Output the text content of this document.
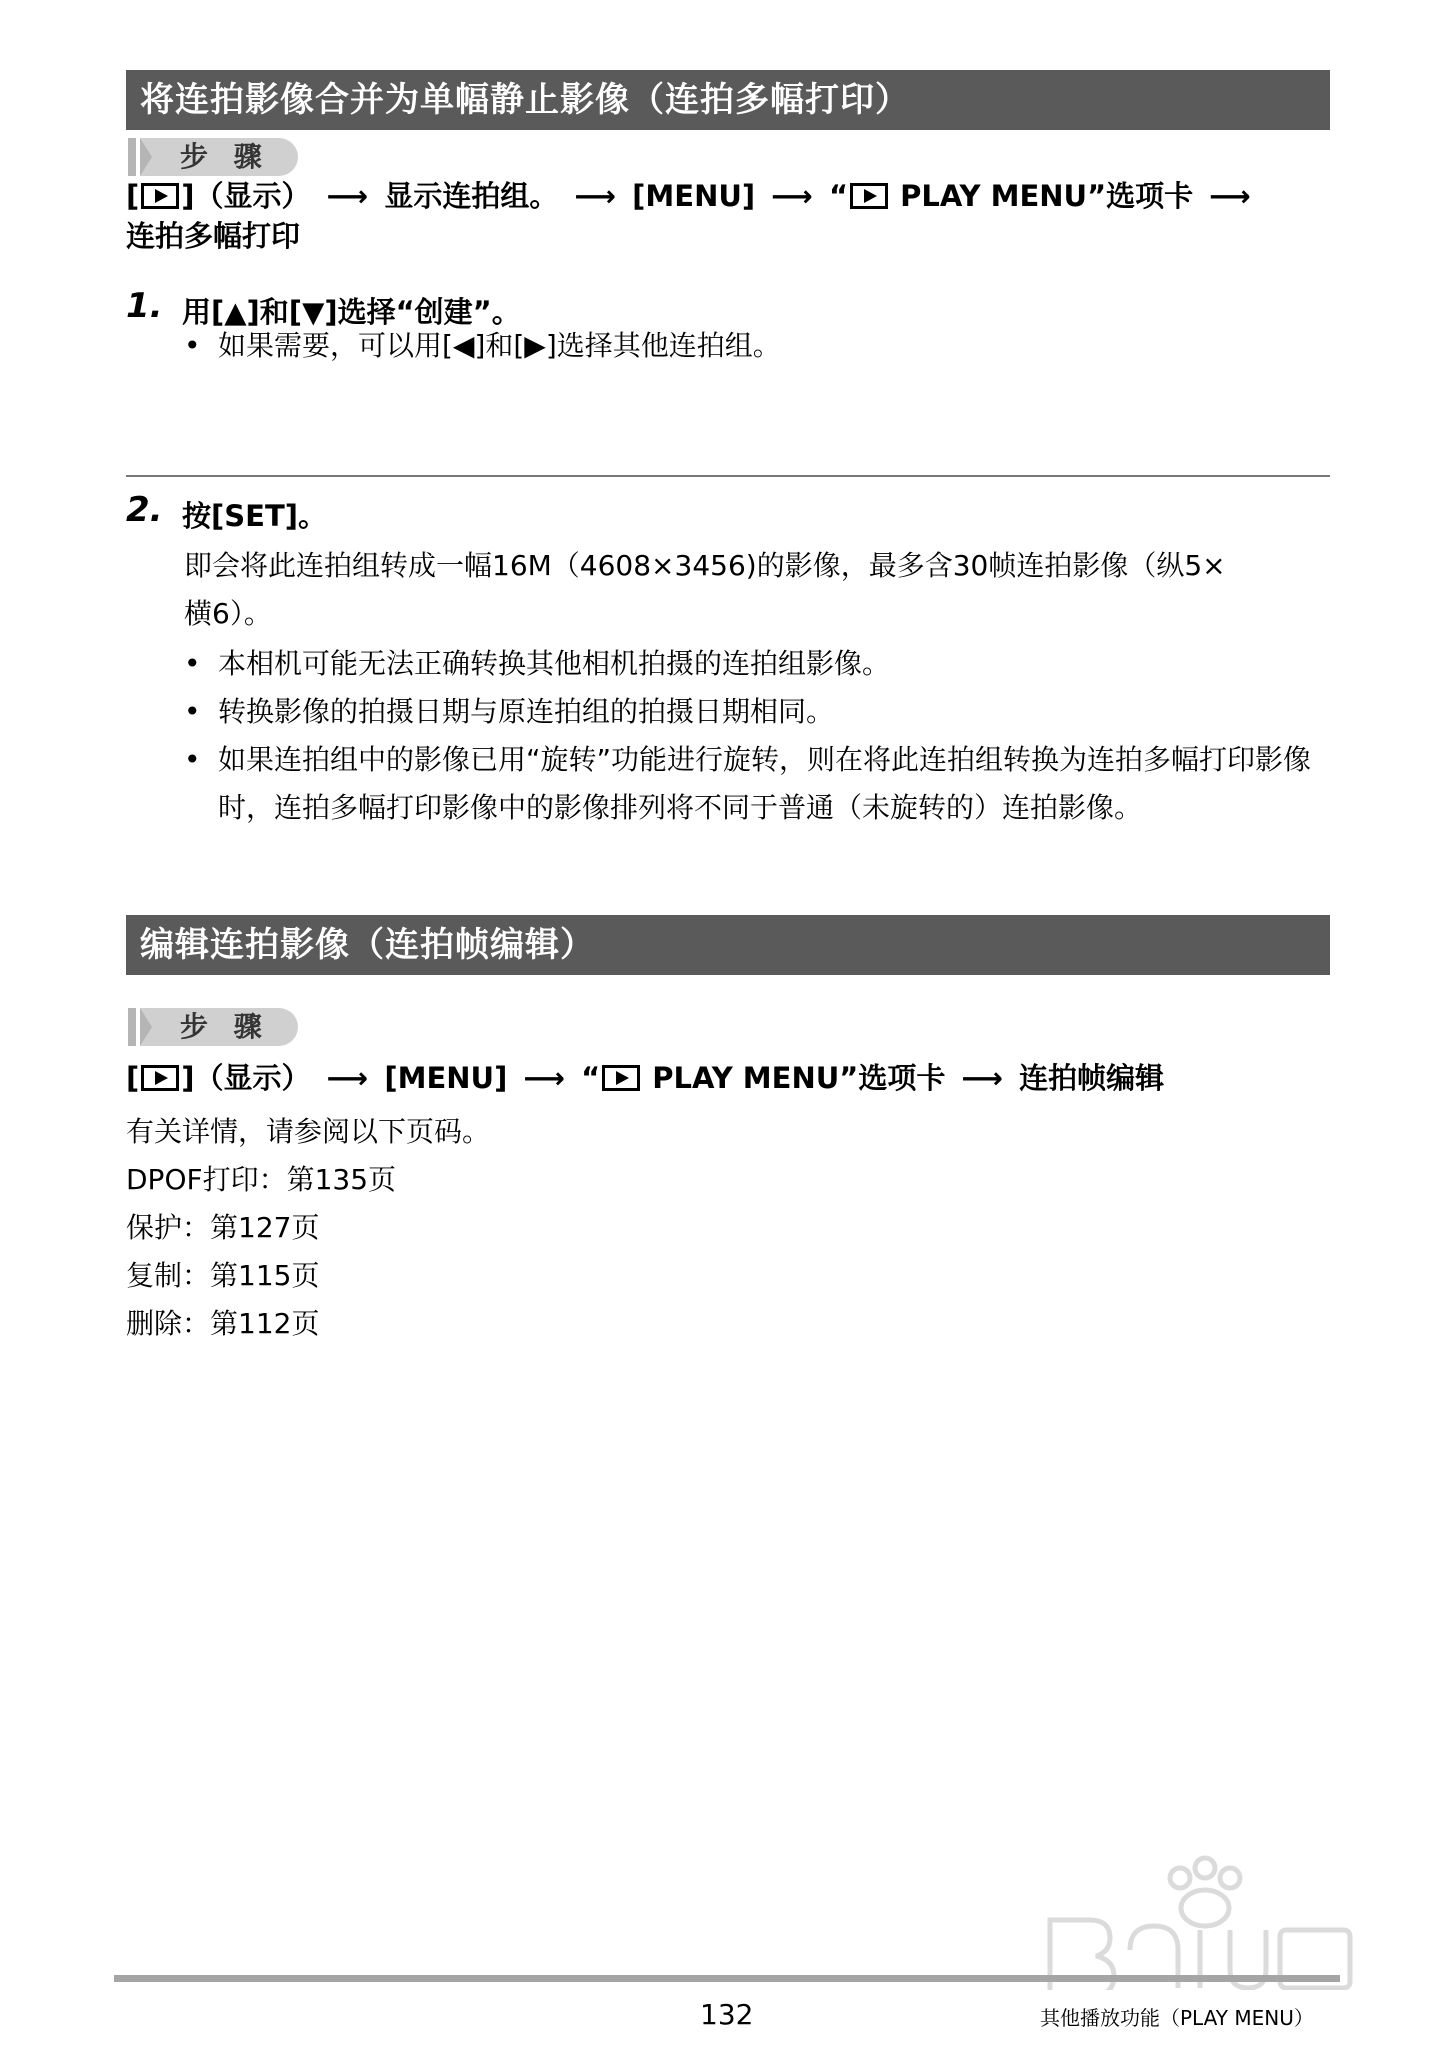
将连拍影像合并为单幅静止影像（连拍多幅打印）
步 骤
[ ]（显示） ⟶ 显示连拍组。 ⟶ [MENU] ⟶ “ PLAY MENU”选项卡 ⟶
连拍多幅打印
1. 用[▲]和[▼]选择“创建”。
• 如果需要，可以用[◀]和[▶]选择其他连拍组。
2. 按[SET]。
即会将此连拍组转成一幅16M（4608×3456)的影像，最多含30帧连拍影像（纵5×
横6）。
• 本相机可能无法正确转换其他相机拍摄的连拍组影像。
• 转换影像的拍摄日期与原连拍组的拍摄日期相同。
• 如果连拍组中的影像已用“旋转”功能进行旋转，则在将此连拍组转换为连拍多幅打印影像时，连拍多幅打印影像中的影像排列将不同于普通（未旋转的）连拍影像。
编辑连拍影像（连拍帧编辑）
步 骤
[ ]（显示） ⟶ [MENU] ⟶ “ PLAY MENU”选项卡 ⟶ 连拍帧编辑
有关详情，请参阅以下页码。
DPOF打印：第135页
保护：第127页
复制：第115页
删除：第112页
132	其他播放功能（PLAY MENU）
